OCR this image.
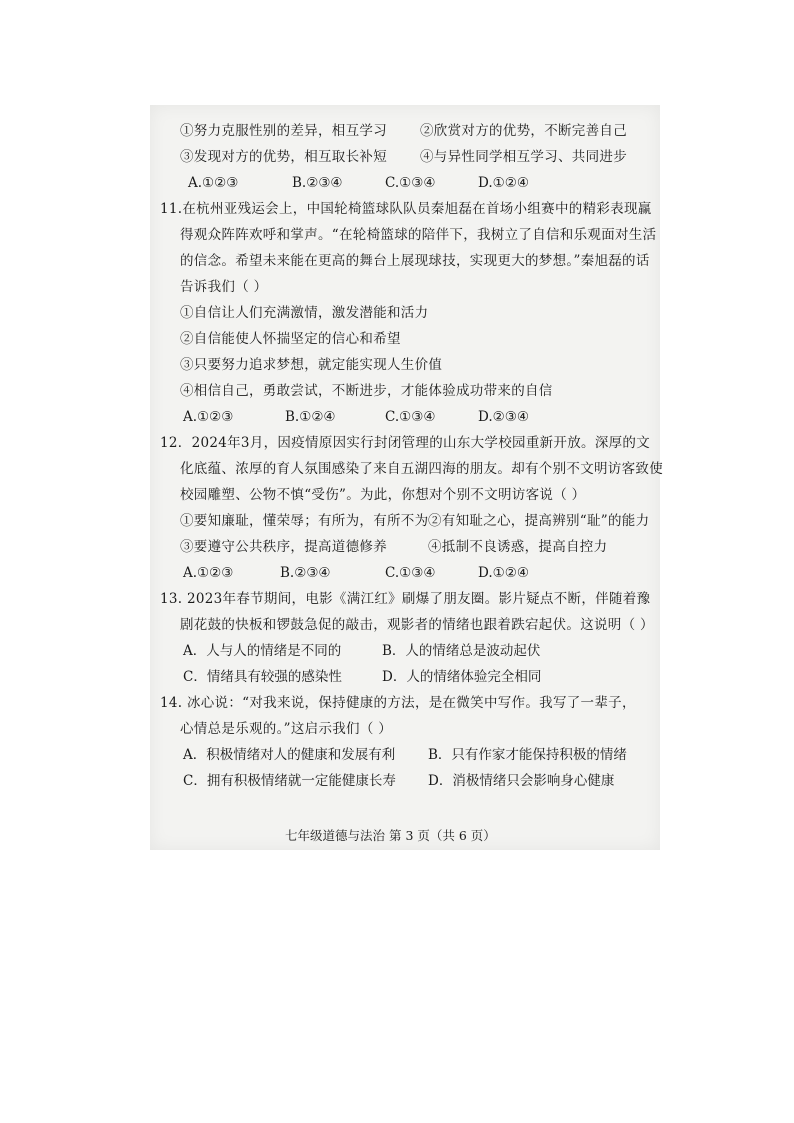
①努力克服性别的差异，相互学习 ②欣赏对方的优势，不断完善自己
③发现对方的优势，相互取长补短 ④与异性同学相互学习、共同进步
A.①②③	B.②③④	C.①③④	D.①②④
11.在杭州亚残运会上，中国轮椅篮球队队员秦旭磊在首场小组赛中的精彩表现赢
得观众阵阵欢呼和掌声。“在轮椅篮球的陪伴下，我树立了自信和乐观面对生活
的信念。希望未来能在更高的舞台上展现球技，实现更大的梦想。”秦旭磊的话
告诉我们（ ）
①自信让人们充满激情，激发潜能和活力
②自信能使人怀揣坚定的信心和希望
③只要努力追求梦想，就定能实现人生价值
④相信自己，勇敢尝试，不断进步，才能体验成功带来的自信
A.①②③	B.①②④	C.①③④	D.②③④
12．2024年3月，因疫情原因实行封闭管理的山东大学校园重新开放。深厚的文
化底蕴、浓厚的育人氛围感染了来自五湖四海的朋友。却有个别不文明访客致使
校园雕塑、公物不慎“受伤”。为此，你想对个别不文明访客说（ ）
①要知廉耻，懂荣辱；有所为，有所不为 ②有知耻之心，提高辨别“耻”的能力
③要遵守公共秩序，提高道德修养	④抵制不良诱惑，提高自控力
A.①②③	B.②③④	C.①③④	D.①②④
13. 2023年春节期间，电影《满江红》刷爆了朋友圈。影片疑点不断，伴随着豫
剧花鼓的快板和锣鼓急促的敲击，观影者的情绪也跟着跌宕起伏。这说明（ ）
A．人与人的情绪是不同的	B．人的情绪总是波动起伏
C．情绪具有较强的感染性	D．人的情绪体验完全相同
14. 冰心说：“对我来说，保持健康的方法，是在微笑中写作。我写了一辈子，
心情总是乐观的。”这启示我们（ ）
A．积极情绪对人的健康和发展有利 B．只有作家才能保持积极的情绪
C．拥有积极情绪就一定能健康长寿 D．消极情绪只会影响身心健康
七年级道德与法治 第 3 页（共 6 页）
